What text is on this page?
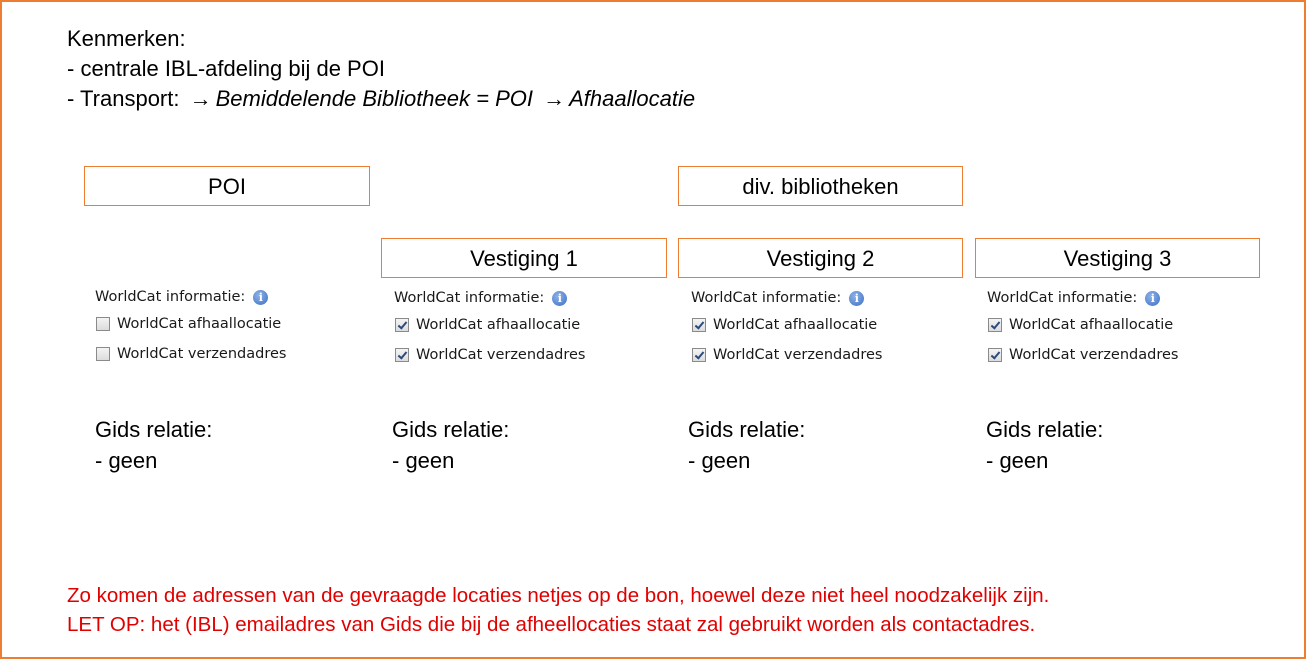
Kenmerken:
- centrale IBL-afdeling bij de POI
- Transport: → Bemiddelende Bibliotheek = POI → Afhaallocatie
POI	div. bibliotheken
Vestiging 1	Vestiging 2	Vestiging 3
WorldCat informatie:	i
WorldCat afhaallocatie
WorldCat verzendadres
WorldCat informatie:	i
WorldCat afhaallocatie
WorldCat verzendadres
WorldCat informatie:	i
WorldCat afhaallocatie
WorldCat verzendadres
WorldCat informatie:	i
WorldCat afhaallocatie
WorldCat verzendadres
Gids relatie:
- geen
Gids relatie:
- geen
Gids relatie:
- geen
Gids relatie:
- geen
Zo komen de adressen van de gevraagde locaties netjes op de bon, hoewel deze niet heel noodzakelijk zijn.
LET OP: het (IBL) emailadres van Gids die bij de afheellocaties staat zal gebruikt worden als contactadres.
